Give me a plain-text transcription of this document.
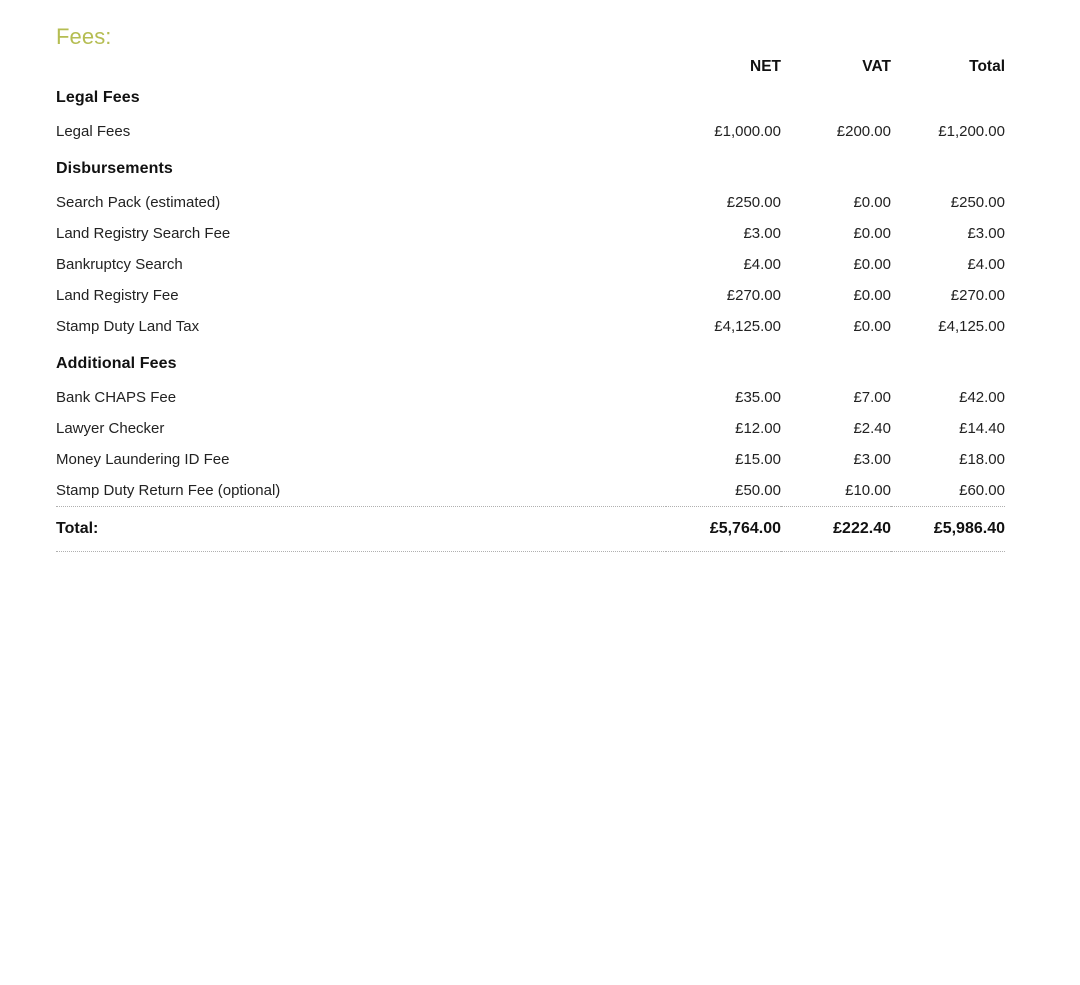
Fees:
	NET	VAT	Total
Legal Fees			
Legal Fees	£1,000.00	£200.00	£1,200.00
Disbursements			
Search Pack (estimated)	£250.00	£0.00	£250.00
Land Registry Search Fee	£3.00	£0.00	£3.00
Bankruptcy Search	£4.00	£0.00	£4.00
Land Registry Fee	£270.00	£0.00	£270.00
Stamp Duty Land Tax	£4,125.00	£0.00	£4,125.00
Additional Fees			
Bank CHAPS Fee	£35.00	£7.00	£42.00
Lawyer Checker	£12.00	£2.40	£14.40
Money Laundering ID Fee	£15.00	£3.00	£18.00
Stamp Duty Return Fee (optional)	£50.00	£10.00	£60.00
Total:	£5,764.00	£222.40	£5,986.40
